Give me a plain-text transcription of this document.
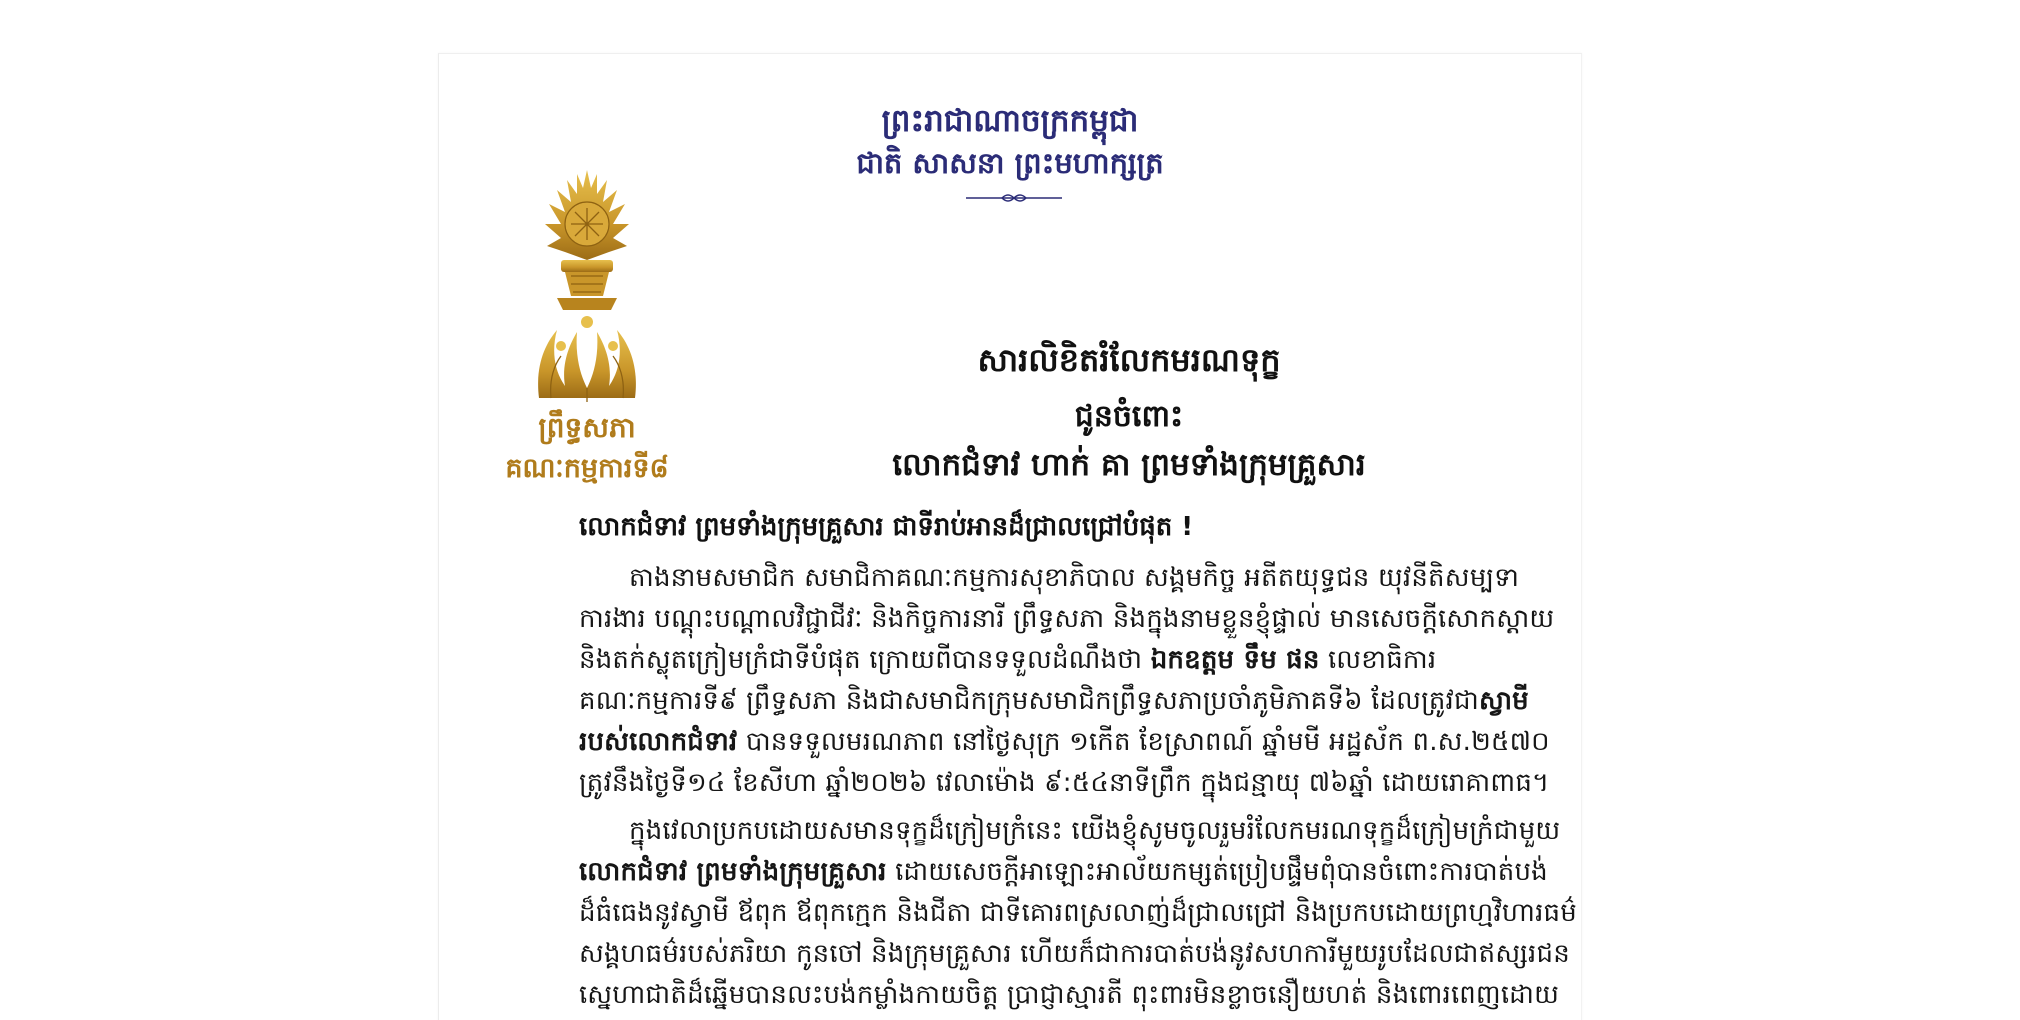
ព្រះរាជាណាចក្រកម្ពុជា
ជាតិ សាសនា ព្រះមហាក្សត្រ
ព្រឹទ្ធសភា
គណៈកម្មការទី៨
សារលិខិតរំលែកមរណទុក្ខ
ជូនចំពោះ
លោកជំទាវ ហាក់ គា ព្រមទាំងក្រុមគ្រួសារ
លោកជំទាវ ព្រមទាំងក្រុមគ្រួសារ ជាទីរាប់អានដ៏ជ្រាលជ្រៅបំផុត !
តាងនាមសមាជិក សមាជិកាគណៈកម្មការសុខាភិបាល សង្គមកិច្ច អតីតយុទ្ធជន យុវនីតិសម្បទា
ការងារ បណ្តុះបណ្តាលវិជ្ជាជីវៈ និងកិច្ចការនារី ព្រឹទ្ធសភា និងក្នុងនាមខ្លួនខ្ញុំផ្ទាល់ មានសេចក្តីសោកស្តាយ
និងតក់ស្លុតក្រៀមក្រំជាទីបំផុត ក្រោយពីបានទទួលដំណឹងថា ឯកឧត្តម ទឹម ផន លេខាធិការ
គណៈកម្មការទី៩ ព្រឹទ្ធសភា និងជាសមាជិកក្រុមសមាជិកព្រឹទ្ធសភាប្រចាំភូមិភាគទី៦ ដែលត្រូវជាស្វាមី
របស់លោកជំទាវ បានទទួលមរណភាព នៅថ្ងៃសុក្រ ១កើត ខែស្រាពណ៍ ឆ្នាំមមី អដ្ឋស័ក ព.ស.២៥៧០
ត្រូវនឹងថ្ងៃទី១៤ ខែសីហា ឆ្នាំ២០២៦ វេលាម៉ោង ៩:៥៤នាទីព្រឹក ក្នុងជន្មាយុ ៧៦ឆ្នាំ ដោយរោគាពាធ។
ក្នុងវេលាប្រកបដោយសមានទុក្ខដ៏ក្រៀមក្រំនេះ យើងខ្ញុំសូមចូលរួមរំលែកមរណទុក្ខដ៏ក្រៀមក្រំជាមួយ
លោកជំទាវ ព្រមទាំងក្រុមគ្រួសារ ដោយសេចក្តីអាឡោះអាល័យកម្សត់ប្រៀបផ្ទឹមពុំបានចំពោះការបាត់បង់
ដ៏ធំធេងនូវស្វាមី ឪពុក ឪពុកក្មេក និងជីតា ជាទីគោរពស្រលាញ់ដ៏ជ្រាលជ្រៅ និងប្រកបដោយព្រហ្មវិហារធម៌
សង្គហធម៌របស់ភរិយា កូនចៅ និងក្រុមគ្រួសារ ហើយក៏ជាការបាត់បង់នូវសហការីមួយរូបដែលជាឥស្សរជន
ស្នេហាជាតិដ៏ឆ្នើមបានលះបង់កម្លាំងកាយចិត្ត ប្រាជ្ញាស្មារតី ពុះពារមិនខ្លាចនឿយហត់ និងពោរពេញដោយ
